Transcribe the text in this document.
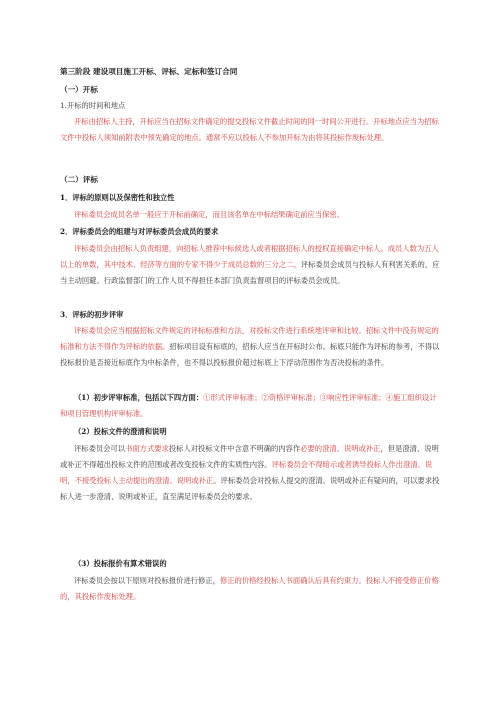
第三阶段 建设项目施工开标、评标、定标和签订合同
（一）开标
1.开标的时间和地点
开标由招标人主持，开标应当在招标文件确定的提交投标文件截止时间的同一时间公开进行。开标地点应当为招标文件中投标人须知前附表中预先确定的地点。通常不应以投标人不参加开标为由将其投标作废标处理。
（二）评标
1．评标的原则以及保密性和独立性
评标委员会成员名单一般应于开标前确定，而且该名单在中标结果确定前应当保密。
2．评标委员会的组建与对评标委员会成员的要求
评标委员会由招标人负责组建，向招标人推荐中标候选人或者根据招标人的授权直接确定中标人。成员人数为五人以上的单数，其中技术、经济等方面的专家不得少于成员总数的三分之二。评标委员会成员与投标人有利害关系的，应当主动回避。行政监督部门的工作人员不得担任本部门负责监督项目的评标委员会成员。
3．评标的初步评审
评标委员会应当根据招标文件规定的评标标准和方法，对投标文件进行系统地评审和比较。招标文件中没有规定的标准和方法不得作为评标的依据。招标项目设有标底的，招标人应当在开标时公布。标底只能作为评标的参考，不得以投标报价是否接近标底作为中标条件，也不得以投标报价超过标底上下浮动范围作为否决投标的条件。
（1）初步评审标准，包括以下四方面：①形式评审标准；②资格评审标准；③响应性评审标准；④施工组织设计和项目管理机构评审标准。
（2）投标文件的澄清和说明
评标委员会可以书面方式要求投标人对投标文件中含意不明确的内容作必要的澄清、说明或补正，但是澄清、说明或补正不得超出投标文件的范围或者改变投标文件的实质性内容。评标委员会不得暗示或者诱导投标人作出澄清、说明，不接受投标人主动提出的澄清、说明或补正。评标委员会对投标人提交的澄清、说明或补正有疑问的，可以要求投标人进一步澄清、说明或补正，直至满足评标委员会的要求。
（3）投标报价有算术错误的
评标委员会按以下原则对投标报价进行修正，修正的价格经投标人书面确认后具有约束力。投标人不接受修正价格的，其投标作废标处理。
